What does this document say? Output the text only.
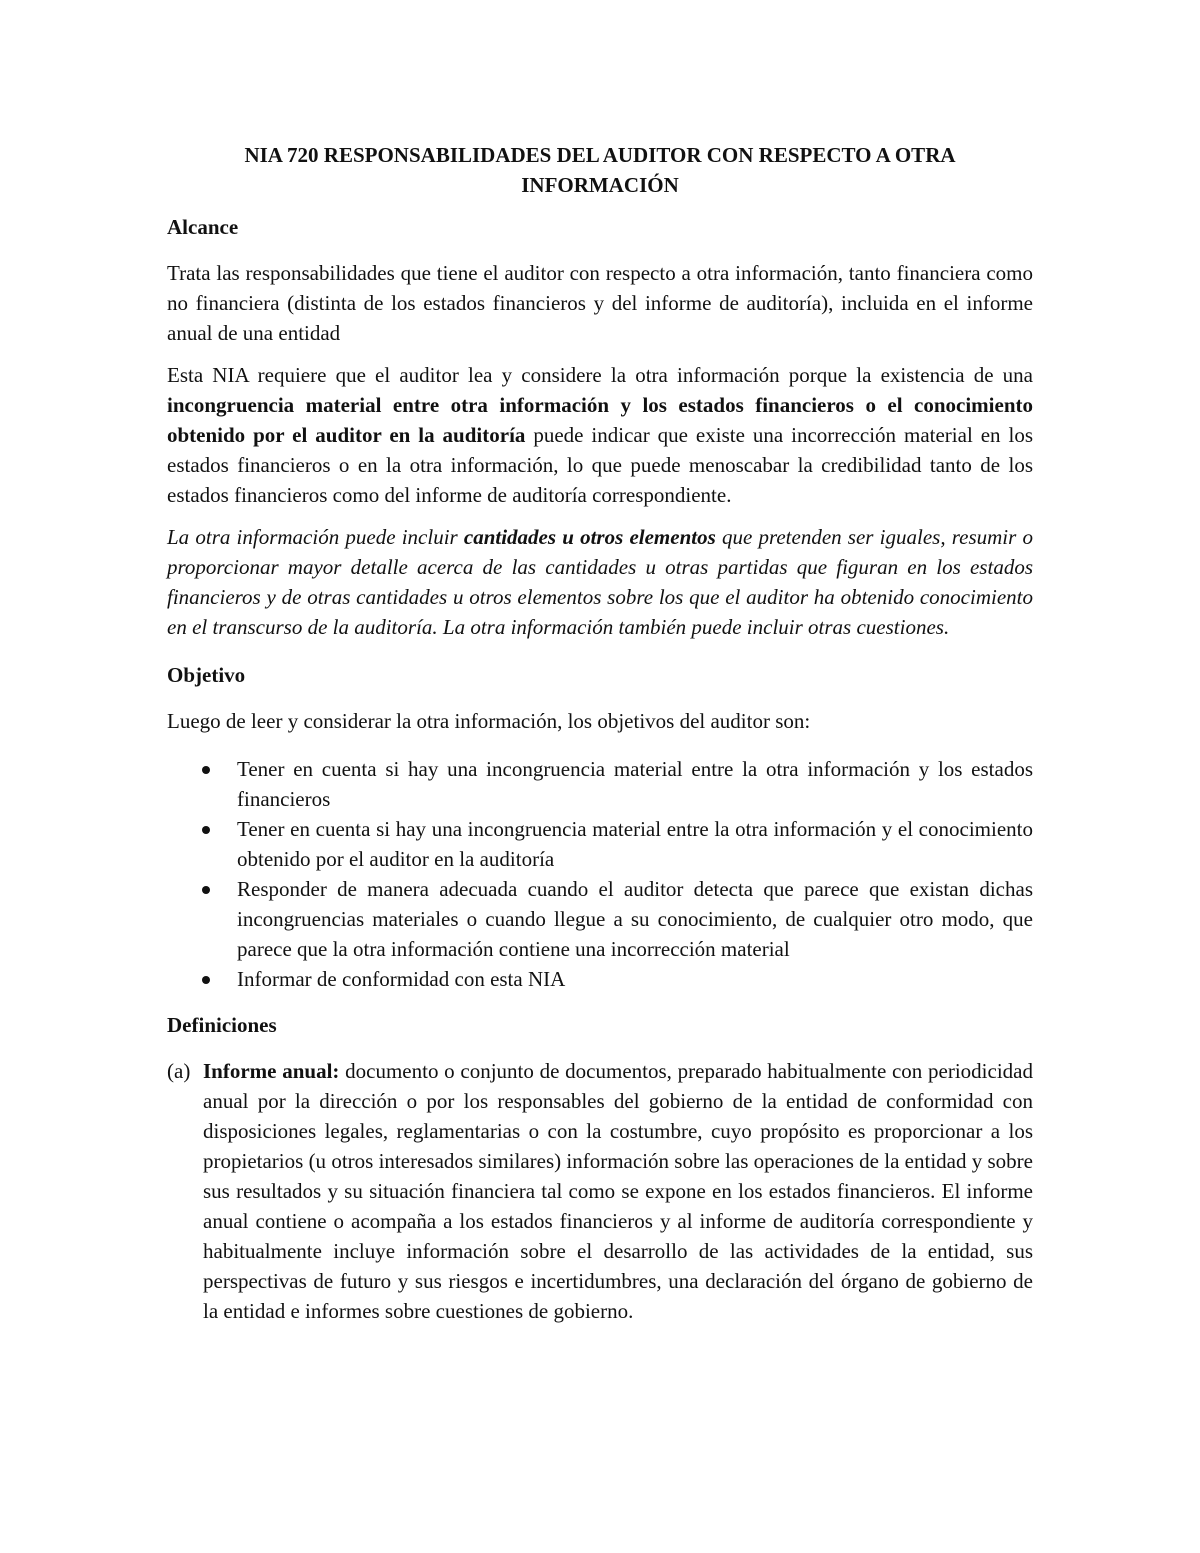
NIA 720 RESPONSABILIDADES DEL AUDITOR CON RESPECTO A OTRA
INFORMACIÓN
Alcance

Trata las responsabilidades que tiene el auditor con respecto a otra información, tanto financiera como no financiera (distinta de los estados financieros y del informe de auditoría), incluida en el informe anual de una entidad

Esta NIA requiere que el auditor lea y considere la otra información porque la existencia de una incongruencia material entre otra información y los estados financieros o el conocimiento obtenido por el auditor en la auditoría puede indicar que existe una incorrección material en los estados financieros o en la otra información, lo que puede menoscabar la credibilidad tanto de los estados financieros como del informe de auditoría correspondiente.

La otra información puede incluir cantidades u otros elementos que pretenden ser iguales, resumir o proporcionar mayor detalle acerca de las cantidades u otras partidas que figuran en los estados financieros y de otras cantidades u otros elementos sobre los que el auditor ha obtenido conocimiento en el transcurso de la auditoría. La otra información también puede incluir otras cuestiones.

Objetivo

Luego de leer y considerar la otra información, los objetivos del auditor son:

Tener en cuenta si hay una incongruencia material entre la otra información y los estados financieros
Tener en cuenta si hay una incongruencia material entre la otra información y el conocimiento obtenido por el auditor en la auditoría
Responder de manera adecuada cuando el auditor detecta que parece que existan dichas incongruencias materiales o cuando llegue a su conocimiento, de cualquier otro modo, que parece que la otra información contiene una incorrección material
Informar de conformidad con esta NIA
Definiciones

(a) Informe anual: documento o conjunto de documentos, preparado habitualmente con periodicidad anual por la dirección o por los responsables del gobierno de la entidad de conformidad con disposiciones legales, reglamentarias o con la costumbre, cuyo propósito es proporcionar a los propietarios (u otros interesados similares) información sobre las operaciones de la entidad y sobre sus resultados y su situación financiera tal como se expone en los estados financieros. El informe anual contiene o acompaña a los estados financieros y al informe de auditoría correspondiente y habitualmente incluye información sobre el desarrollo de las actividades de la entidad, sus perspectivas de futuro y sus riesgos e incertidumbres, una declaración del órgano de gobierno de la entidad e informes sobre cuestiones de gobierno.
